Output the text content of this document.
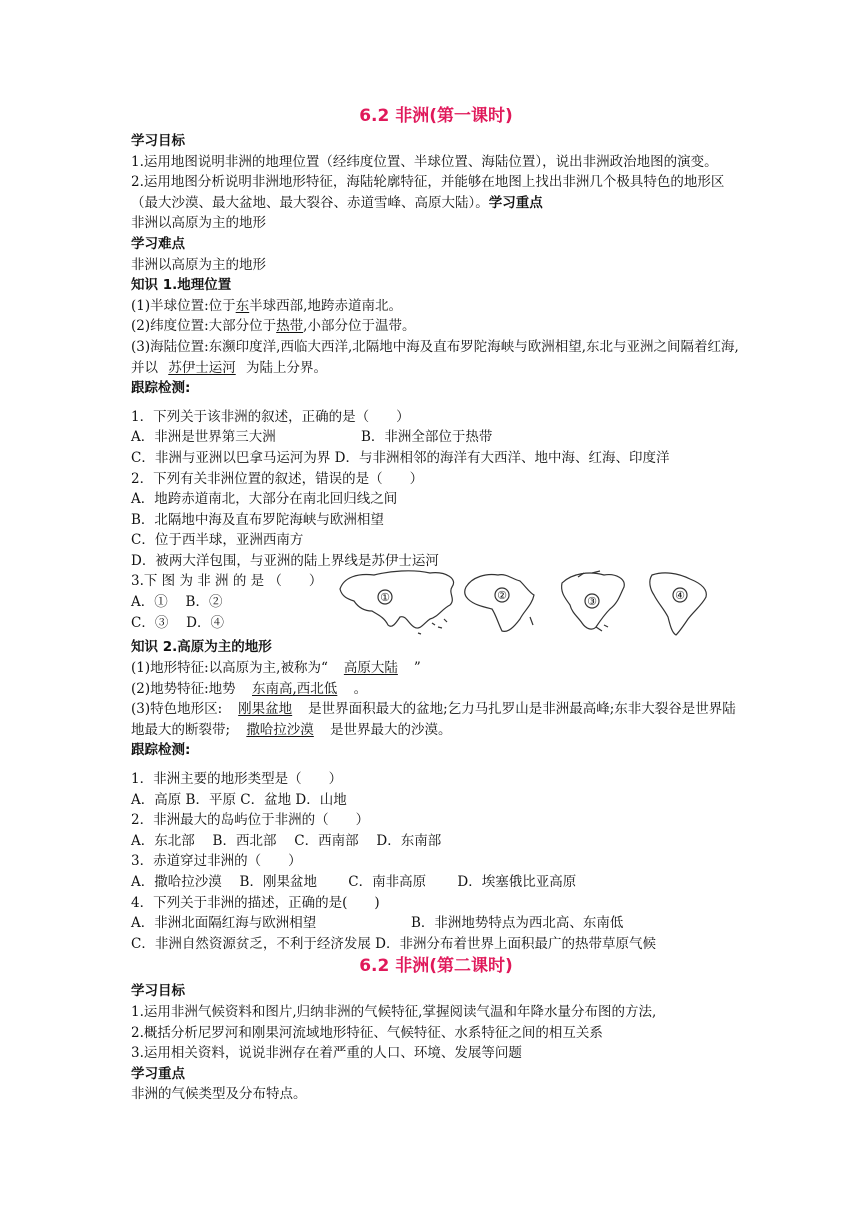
6.2 非洲(第一课时)
学习目标
1.运用地图说明非洲的地理位置（经纬度位置、半球位置、海陆位置），说出非洲政治地图的演变。
2.运用地图分析说明非洲地形特征，海陆轮廓特征，并能够在地图上找出非洲几个极具特色的地形区（最大沙漠、最大盆地、最大裂谷、赤道雪峰、高原大陆）。学习重点
非洲以高原为主的地形
学习难点
非洲以高原为主的地形
知识 1.地理位置
(1)半球位置:位于东半球西部,地跨赤道南北。
(2)纬度位置:大部分位于热带,小部分位于温带。
(3)海陆位置:东濒印度洋,西临大西洋,北隔地中海及直布罗陀海峡与欧洲相望,东北与亚洲之间隔着红海,并以 苏伊士运河 为陆上分界。
跟踪检测:
1．下列关于该非洲的叙述，正确的是（　　）
A．非洲是世界第三大洲	B．非洲全部位于热带
C．非洲与亚洲以巴拿马运河为界 D．与非洲相邻的海洋有大西洋、地中海、红海、印度洋
2．下列有关非洲位置的叙述，错误的是（　　）
A．地跨赤道南北，大部分在南北回归线之间
B．北隔地中海及直布罗陀海峡与欧洲相望
C．位于西半球，亚洲西南方
D．被两大洋包围，与亚洲的陆上界线是苏伊士运河
3.下 图 为 非 洲 的 是 （　　）
A．①　 B．②
C．③　 D．④
①	②	③	④
知识 2.高原为主的地形
(1)地形特征:以高原为主,被称为“ 高原大陆 ”
(2)地势特征:地势 东南高,西北低 。
(3)特色地形区: 刚果盆地 是世界面积最大的盆地;乞力马扎罗山是非洲最高峰;东非大裂谷是世界陆地最大的断裂带; 撒哈拉沙漠 是世界最大的沙漠。
跟踪检测:
1．非洲主要的地形类型是（　　）
A．高原 B．平原 C．盆地 D．山地
2．非洲最大的岛屿位于非洲的（　　）
A．东北部　 B．西北部　 C．西南部　 D．东南部
3．赤道穿过非洲的（　　）
A．撒哈拉沙漠　 B．刚果盆地　　 C．南非高原　　 D．埃塞俄比亚高原
4．下列关于非洲的描述，正确的是(　　)
A．非洲北面隔红海与欧洲相望	B．非洲地势特点为西北高、东南低
C．非洲自然资源贫乏，不利于经济发展 D．非洲分布着世界上面积最广的热带草原气候
6.2 非洲(第二课时)
学习目标
1.运用非洲气候资料和图片,归纳非洲的气候特征,掌握阅读气温和年降水量分布图的方法,
2.概括分析尼罗河和刚果河流域地形特征、气候特征、水系特征之间的相互关系
3.运用相关资料，说说非洲存在着严重的人口、环境、发展等问题
学习重点
非洲的气候类型及分布特点。
